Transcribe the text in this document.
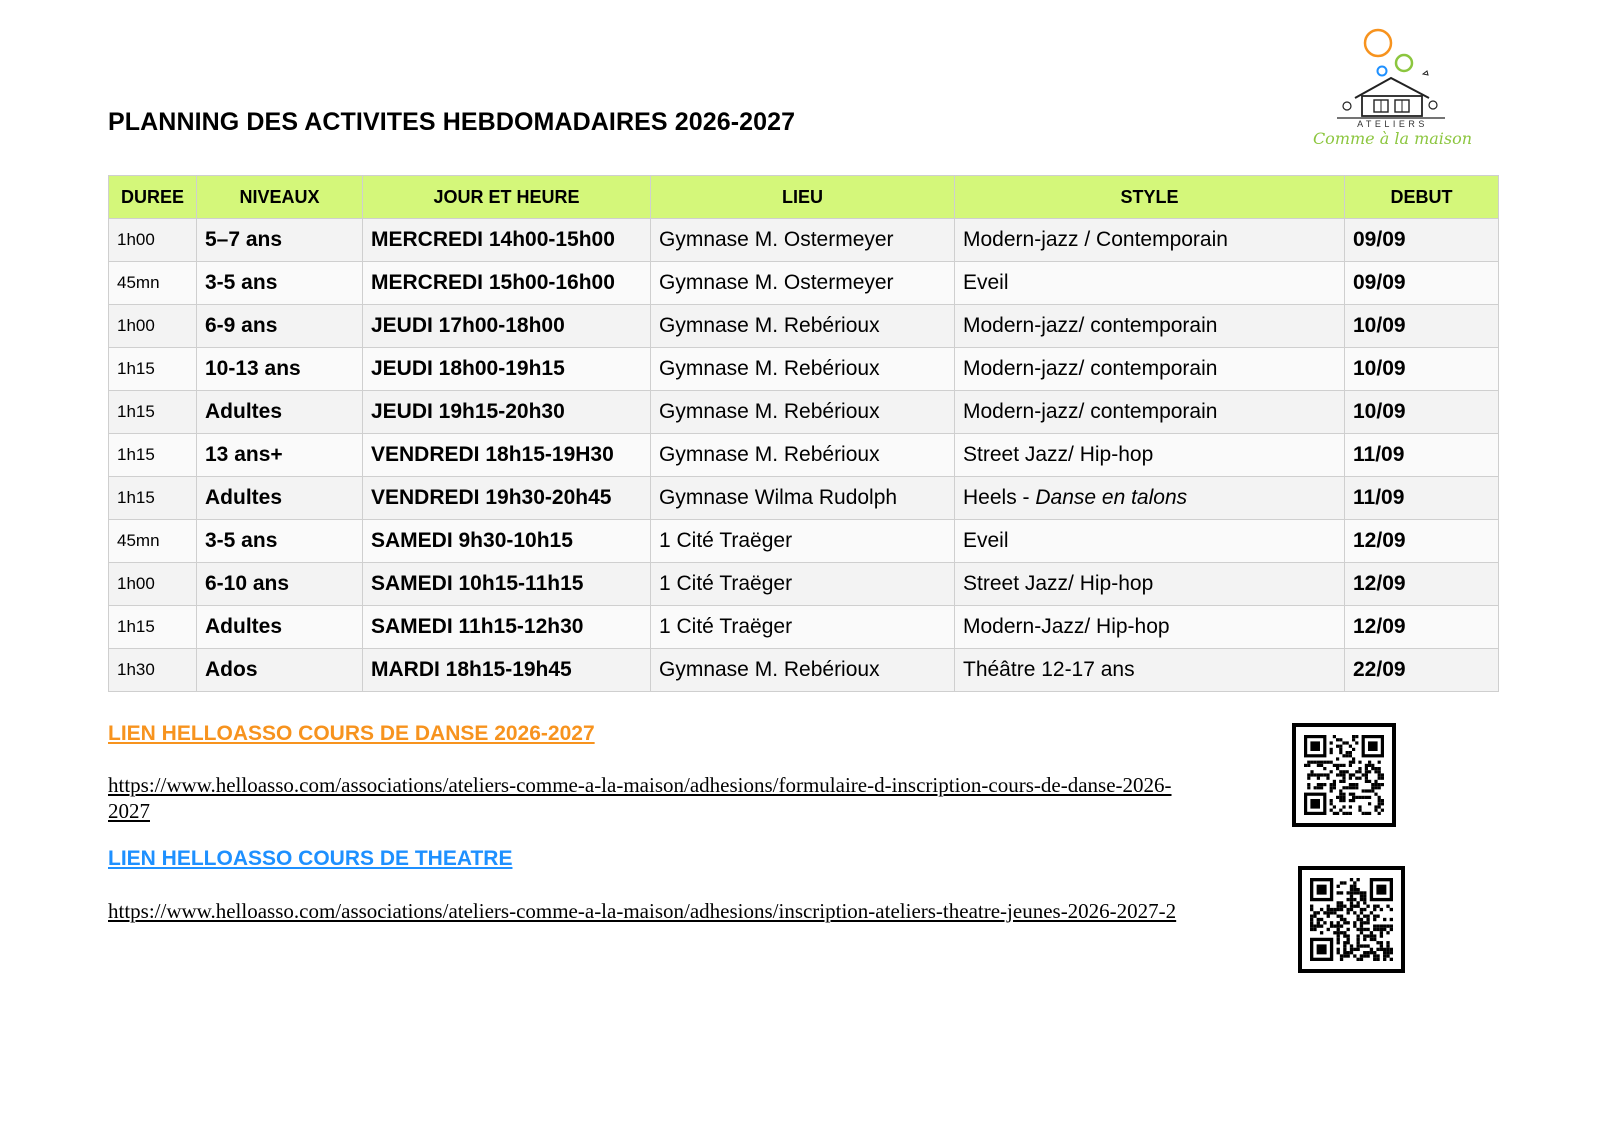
PLANNING DES ACTIVITES HEBDOMADAIRES 2026-2027	ATELIERS
Comme à la maison
DUREE	NIVEAUX	JOUR ET HEURE	LIEU	STYLE	DEBUT
1h00	5–7 ans	MERCREDI 14h00-15h00	Gymnase M. Ostermeyer	Modern-jazz / Contemporain	09/09
45mn	3-5 ans	MERCREDI 15h00-16h00	Gymnase M. Ostermeyer	Eveil	09/09
1h00	6-9 ans	JEUDI 17h00-18h00	Gymnase M. Rebérioux	Modern-jazz/ contemporain	10/09
1h15	10-13 ans	JEUDI 18h00-19h15	Gymnase M. Rebérioux	Modern-jazz/ contemporain	10/09
1h15	Adultes	JEUDI 19h15-20h30	Gymnase M. Rebérioux	Modern-jazz/ contemporain	10/09
1h15	13 ans+	VENDREDI 18h15-19H30	Gymnase M. Rebérioux	Street Jazz/ Hip-hop	11/09
1h15	Adultes	VENDREDI 19h30-20h45	Gymnase Wilma Rudolph	Heels - Danse en talons	11/09
45mn	3-5 ans	SAMEDI 9h30-10h15	1 Cité Traëger	Eveil	12/09
1h00	6-10 ans	SAMEDI 10h15-11h15	1 Cité Traëger	Street Jazz/ Hip-hop	12/09
1h15	Adultes	SAMEDI 11h15-12h30	1 Cité Traëger	Modern-Jazz/ Hip-hop	12/09
1h30	Ados	MARDI 18h15-19h45	Gymnase M. Rebérioux	Théâtre 12-17 ans	22/09
LIEN HELLOASSO COURS DE DANSE 2026-2027
https://www.helloasso.com/associations/ateliers-comme-a-la-maison/adhesions/formulaire-d-inscription-cours-de-danse-2026-2027
LIEN HELLOASSO COURS DE THEATRE
https://www.helloasso.com/associations/ateliers-comme-a-la-maison/adhesions/inscription-ateliers-theatre-jeunes-2026-2027-2
